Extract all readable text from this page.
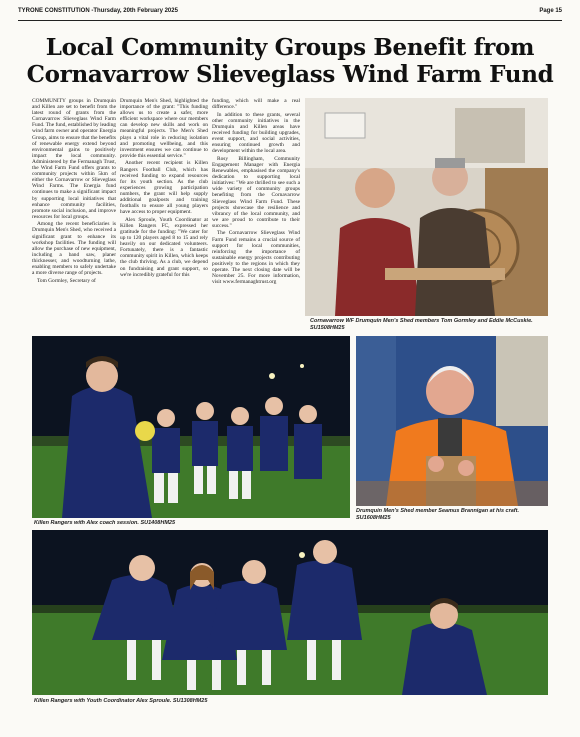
TYRONE CONSTITUTION -Thursday, 20th February 2025	Page 15
Local Community Groups Benefit from
Cornavarrow Slieveglass Wind Farm Fund

COMMUNITY groups in Drumquin and Killen are set to benefit from the latest round of grants from the Cornavarrow Slieveglass Wind Farm Fund. The fund, established by leading wind farm owner and operator Energia Group, aims to ensure that the benefits of renewable energy extend beyond environmental gains to positively impact the local community. Administered by the Fermanagh Trust, the Wind Farm Fund offers grants to community projects within 5km of either the Cornavarrow or Slieveglass Wind Farms. The Energia fund continues to make a significant impact by supporting local initiatives that enhance community facilities, promote social inclusion, and improve resources for local groups.

Among the recent beneficiaries is Drumquin Men's Shed, who received a significant grant to enhance its workshop facilities. The funding will allow the purchase of new equipment, including a band saw, planer thicknesser, and woodturning lathe, enabling members to safely undertake a more diverse range of projects.

Tom Gormley, Secretary of

Drumquin Men's Shed, highlighted the importance of the grant: "This funding allows us to create a safer, more efficient workspace where our members can develop new skills and work on meaningful projects. The Men's Shed plays a vital role in reducing isolation and promoting wellbeing, and this investment ensures we can continue to provide this essential service."

Another recent recipient is Killen Rangers Football Club, which has received funding to expand resources for its youth section. As the club experiences growing participation numbers, the grant will help supply additional goalposts and training footballs to ensure all young players have access to proper equipment.

Alex Sproule, Youth Coordinator at Killen Rangers FC, expressed her gratitude for the funding: "We cater for up to 120 players aged 8 to 15 and rely heavily on our dedicated volunteers. Fortunately, there is a fantastic community spirit in Killen, which keeps the club thriving. As a club, we depend on fundraising and grant support, so we're incredibly grateful for this

funding, which will make a real difference."

In addition to these grants, several other community initiatives in the Drumquin and Killen areas have received funding for building upgrades, event support, and social activities, ensuring continued growth and development within the local area.

Rosy Billingham, Community Engagement Manager with Energia Renewables, emphasised the company's dedication to supporting local initiatives: "We are thrilled to see such a wide variety of community groups benefiting from the Cornavarrow Slieveglass Wind Farm Fund. These projects showcase the resilience and vibrancy of the local community, and we are proud to contribute to their success."

The Cornavarrow Slieveglass Wind Farm Fund remains a crucial source of support for local communities, reinforcing the importance of sustainable energy projects contributing positively to the regions in which they operate. The next closing date will be November 25. For more information, visit www.fermanaghtrust.org

Cornavarrow WF Drumquin Men's Shed members Tom Gormley and Eddie McCuskie. SU1508HM25
Killen Rangers with Alex coach session. SU1408HM25
Drumquin Men's Shed member Seamus Brannigan at his craft. SU1608HM25
Killen Rangers with Youth Coordinator Alex Sproule. SU1308HM25
